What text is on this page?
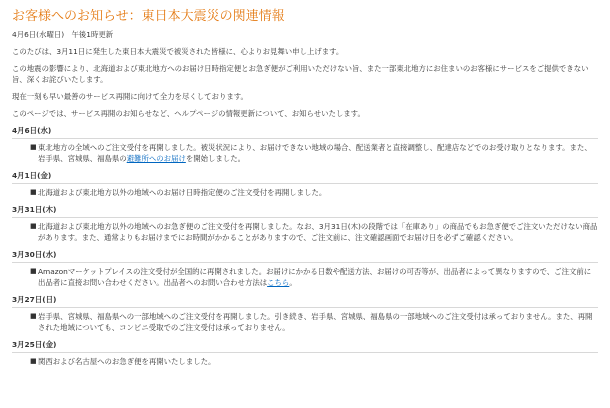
お客様へのお知らせ：東日本大震災の関連情報
4月6日(水曜日)　午後1時更新
このたびは、3月11日に発生した東日本大震災で被災された皆様に、心よりお見舞い申し上げます。
この地震の影響により、北海道および東北地方へのお届け日時指定便とお急ぎ便がご利用いただけない旨、また一部東北地方にお住まいのお客様にサービスをご提供できない旨、深くお詫びいたします。
現在一刻も早い最善のサービス再開に向けて全力を尽くしております。
このページでは、サービス再開のお知らせなど、ヘルプページの情報更新について、お知らせいたします。
4月6日(水)
■ 東北地方の全域へのご注文受付を再開しました。被災状況により、お届けできない地域の場合、配送業者と直接調整し、配達店などでのお受け取りとなります。また、岩手県、宮城県、福島県の避難所へのお届けを開始しました。
4月1日(金)
■ 北海道および東北地方以外の地域へのお届け日時指定便のご注文受付を再開しました。
3月31日(木)
■ 北海道および東北地方以外の地域へのお急ぎ便のご注文受付を再開しました。なお、3月31日(木)の段階では「在庫あり」の商品でもお急ぎ便でご注文いただけない商品があります。また、通常よりもお届けまでにお時間がかかることがありますので、ご注文前に、注文確認画面でお届け日を必ずご確認ください。
3月30日(水)
■ Amazonマーケットプレイスの注文受付が全国的に再開されました。お届けにかかる日数や配送方法、お届けの可否等が、出品者によって異なりますので、ご注文前に出品者に直接お問い合わせください。出品者へのお問い合わせ方法はこちら。
3月27日(日)
■ 岩手県、宮城県、福島県への一部地域へのご注文受付を再開しました。引き続き、岩手県、宮城県、福島県の一部地域へのご注文受付は承っておりません。また、再開された地域についても、コンビニ受取でのご注文受付は承っておりません。
3月25日(金)
■ 関西および名古屋へのお急ぎ便を再開いたしました。
